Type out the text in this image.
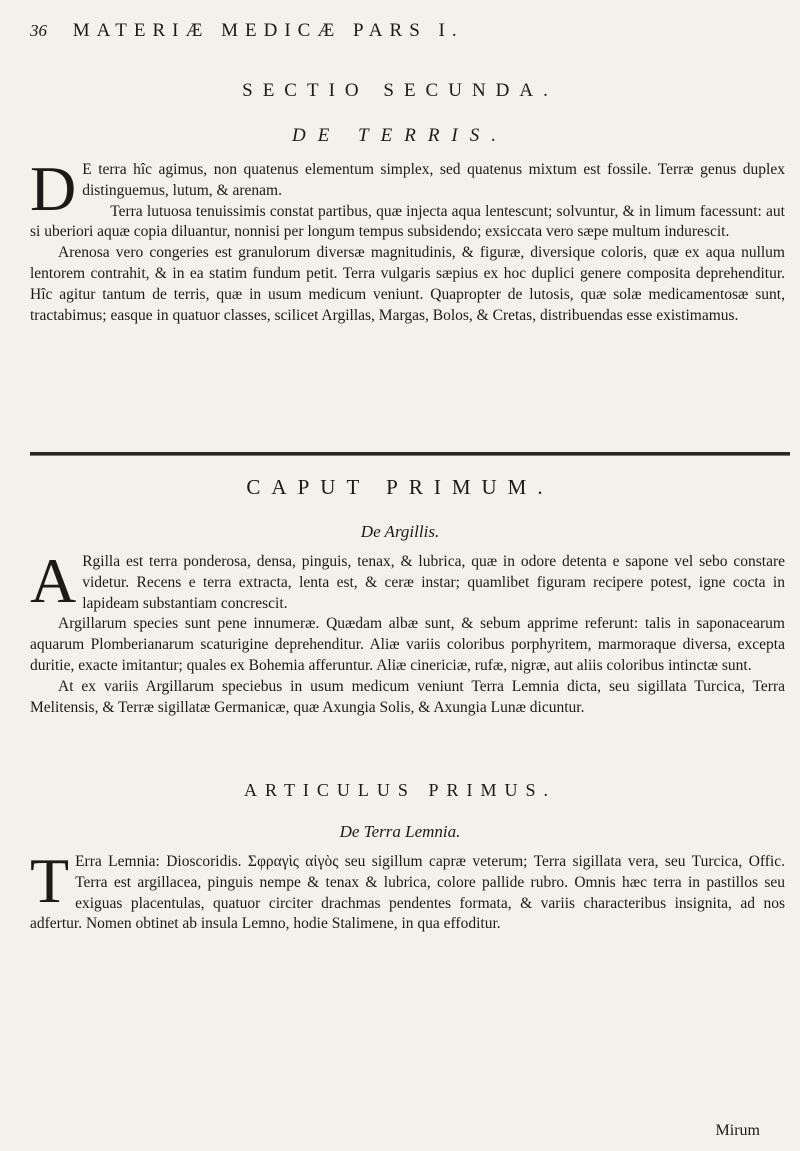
36 MATERIÆ MEDICÆ PARS I.
SECTIO SECUNDA.
DE TERRIS.

D E terra hîc agimus, non quatenus elementum simplex, sed quatenus mixtum est fossile. Terræ genus duplex distinguemus, lutum, & arenam.

Terra lutuosa tenuissimis constat partibus, quæ injecta aqua lentescunt; solvuntur, & in limum facessunt: aut si uberiori aquæ copia diluantur, nonnisi per longum tempus subsidendo; exsiccata vero sæpe multum indurescit.

Arenosa vero congeries est granulorum diversæ magnitudinis, & figuræ, diversique coloris, quæ ex aqua nullum lentorem contrahit, & in ea statim fundum petit. Terra vulgaris sæpius ex hoc duplici genere composita deprehenditur. Hîc agitur tantum de terris, quæ in usum medicum veniunt. Quapropter de lutosis, quæ solæ medicamentosæ sunt, tractabimus; easque in quatuor classes, scilicet Argillas, Margas, Bolos, & Cretas, distribuendas esse existimamus.

CAPUT PRIMUM.
De Argillis.

A Rgilla est terra ponderosa, densa, pinguis, tenax, & lubrica, quæ in odore detenta e sapone vel sebo constare videtur. Recens e terra extracta, lenta est, & ceræ instar; quamlibet figuram recipere potest, igne cocta in lapideam substantiam concrescit.

Argillarum species sunt pene innumeræ. Quædam albæ sunt, & sebum apprime referunt: talis in saponacearum aquarum Plomberianarum scaturigine deprehenditur. Aliæ variis coloribus porphyritem, marmoraque diversa, excepta duritie, exacte imitantur; quales ex Bohemia afferuntur. Aliæ cinericiæ, rufæ, nigræ, aut aliis coloribus intinctæ sunt.

At ex variis Argillarum speciebus in usum medicum veniunt Terra Lemnia dicta, seu sigillata Turcica, Terra Melitensis, & Terræ sigillatæ Germanicæ, quæ Axungia Solis, & Axungia Lunæ dicuntur.

ARTICULUS PRIMUS.
De Terra Lemnia.

T Erra Lemnia: Dioscoridis. Σφραγὶς αἰγὸς seu sigillum capræ veterum; Terra sigillata vera, seu Turcica, Offic. Terra est argillacea, pinguis nempe & tenax & lubrica, colore pallide rubro. Omnis hæc terra in pastillos seu exiguas placentulas, quatuor circiter drachmas pendentes formata, & variis characteribus insignita, ad nos adfertur. Nomen obtinet ab insula Lemno, hodie Stalimene, in qua effoditur.

Mirum
